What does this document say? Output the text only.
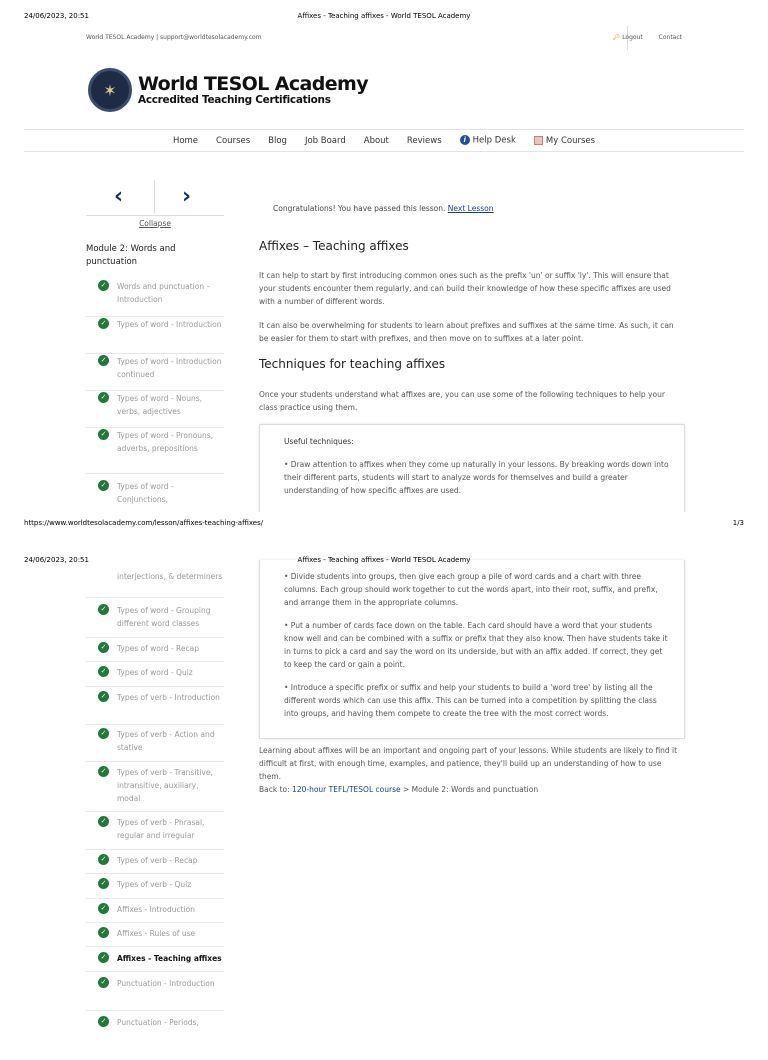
24/06/2023, 20:51	Affixes - Teaching affixes - World TESOL Academy
World TESOL Academy | support@worldtesolacademy.com	🔑︎ Logout	Contact
✶	World TESOL Academy
Accredited Teaching Certifications
Home Courses Blog Job Board About Reviews	i Help Desk	My Courses
‹	›
Collapse
Module 2: Words and punctuation
✓	Words and punctuation – Introduction
✓	Types of word - Introduction
✓	Types of word - Introduction continued
✓	Types of word - Nouns, verbs, adjectives
✓	Types of word - Pronouns, adverbs, prepositions
✓	Types of word - Conjunctions,
Congratulations! You have passed this lesson. Next Lesson
Affixes – Teaching affixes
It can help to start by first introducing common ones such as the prefix 'un' or suffix 'ly'. This will ensure that your students encounter them regularly, and can build their knowledge of how these specific affixes are used with a number of different words.
It can also be overwhelming for students to learn about prefixes and suffixes at the same time. As such, it can be easier for them to start with prefixes, and then move on to suffixes at a later point.
Techniques for teaching affixes
Once your students understand what affixes are, you can use some of the following techniques to help your class practice using them.
Useful techniques:
• Draw attention to affixes when they come up naturally in your lessons. By breaking words down into their different parts, students will start to analyze words for themselves and build a greater understanding of how specific affixes are used.
https://www.worldtesolacademy.com/lesson/affixes-teaching-affixes/	1/3
24/06/2023, 20:51	Affixes - Teaching affixes - World TESOL Academy
interjections, & determiners
✓	Types of word - Grouping different word classes
✓	Types of word - Recap
✓	Types of word - Quiz
✓	Types of verb - Introduction
✓	Types of verb - Action and stative
✓	Types of verb - Transitive, intransitive, auxiliary, modal
✓	Types of verb - Phrasal, regular and irregular
✓	Types of verb - Recap
✓	Types of verb - Quiz
✓	Affixes - Introduction
✓	Affixes - Rules of use
✓	Affixes - Teaching affixes
✓	Punctuation - Introduction
✓	Punctuation - Periods,
• Divide students into groups, then give each group a pile of word cards and a chart with three columns. Each group should work together to cut the words apart, into their root, suffix, and prefix, and arrange them in the appropriate columns.
• Put a number of cards face down on the table. Each card should have a word that your students know well and can be combined with a suffix or prefix that they also know. Then have students take it in turns to pick a card and say the word on its underside, but with an affix added. If correct, they get to keep the card or gain a point.
• Introduce a specific prefix or suffix and help your students to build a 'word tree' by listing all the different words which can use this affix. This can be turned into a competition by splitting the class into groups, and having them compete to create the tree with the most correct words.
Learning about affixes will be an important and ongoing part of your lessons. While students are likely to find it difficult at first, with enough time, examples, and patience, they'll build up an understanding of how to use them.
Back to: 120-hour TEFL/TESOL course > Module 2: Words and punctuation
